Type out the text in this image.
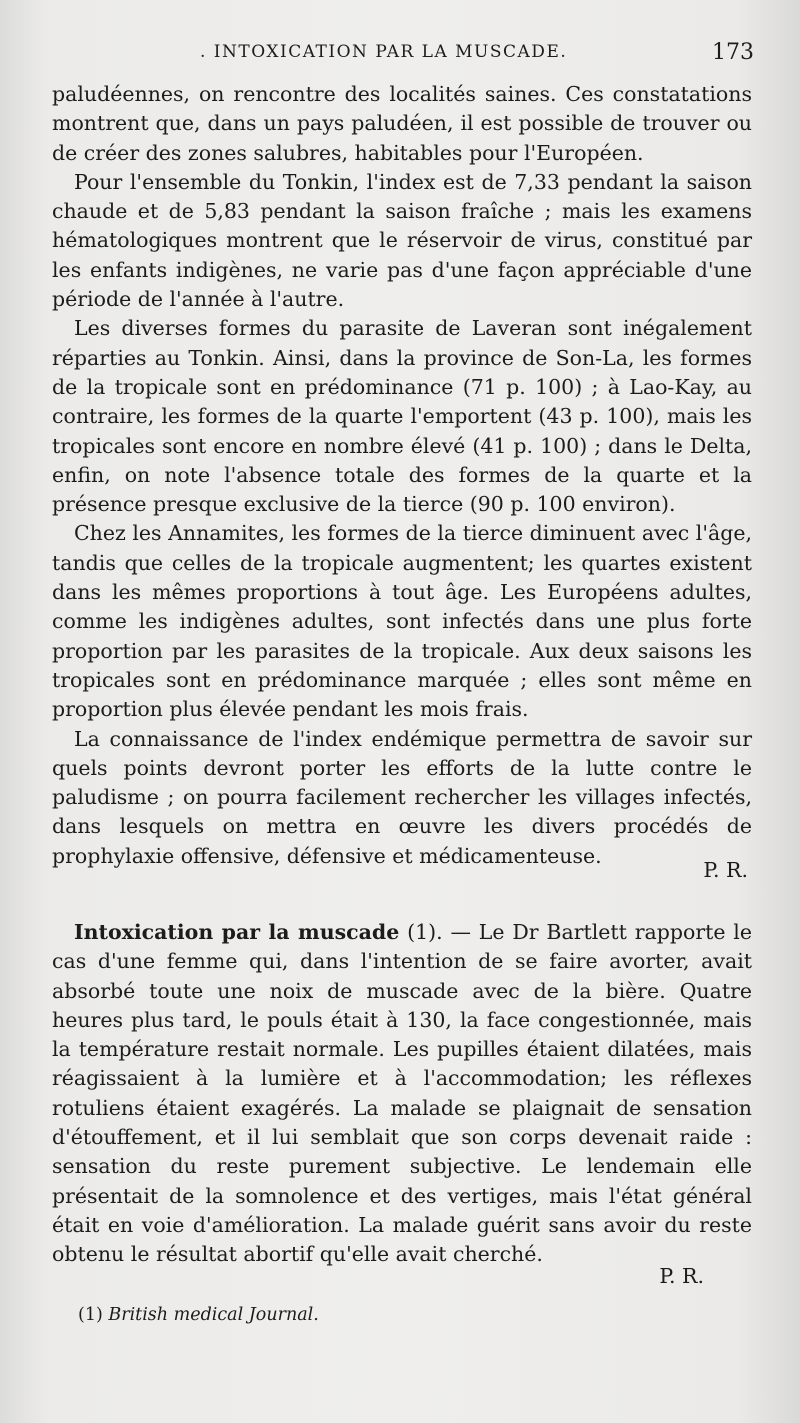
. INTOXICATION PAR LA MUSCADE.	173

paludéennes, on rencontre des localités saines. Ces constatations montrent que, dans un pays paludéen, il est possible de trouver ou de créer des zones salubres, habitables pour l'Européen.

Pour l'ensemble du Tonkin, l'index est de 7,33 pendant la saison chaude et de 5,83 pendant la saison fraîche ; mais les examens hématologiques montrent que le réservoir de virus, constitué par les enfants indigènes, ne varie pas d'une façon appréciable d'une période de l'année à l'autre.

Les diverses formes du parasite de Laveran sont inégalement réparties au Tonkin. Ainsi, dans la province de Son-La, les formes de la tropicale sont en prédominance (71 p. 100) ; à Lao-Kay, au contraire, les formes de la quarte l'emportent (43 p. 100), mais les tropicales sont encore en nombre élevé (41 p. 100) ; dans le Delta, enfin, on note l'absence totale des formes de la quarte et la présence presque exclusive de la tierce (90 p. 100 environ).

Chez les Annamites, les formes de la tierce diminuent avec l'âge, tandis que celles de la tropicale augmentent; les quartes existent dans les mêmes proportions à tout âge. Les Européens adultes, comme les indigènes adultes, sont infectés dans une plus forte proportion par les parasites de la tropicale. Aux deux saisons les tropicales sont en prédominance marquée ; elles sont même en proportion plus élevée pendant les mois frais.

La connaissance de l'index endémique permettra de savoir sur quels points devront porter les efforts de la lutte contre le paludisme ; on pourra facilement rechercher les villages infectés, dans lesquels on mettra en œuvre les divers procédés de prophylaxie offensive, défensive et médicamenteuse.

P. R.

Intoxication par la muscade (1). — Le Dr Bartlett rapporte le cas d'une femme qui, dans l'intention de se faire avorter, avait absorbé toute une noix de muscade avec de la bière. Quatre heures plus tard, le pouls était à 130, la face congestionnée, mais la température restait normale. Les pupilles étaient dilatées, mais réagissaient à la lumière et à l'accommodation; les réflexes rotuliens étaient exagérés. La malade se plaignait de sensation d'étouffement, et il lui semblait que son corps devenait raide : sensation du reste purement subjective. Le lendemain elle présentait de la somnolence et des vertiges, mais l'état général était en voie d'amélioration. La malade guérit sans avoir du reste obtenu le résultat abortif qu'elle avait cherché.

P. R.
(1) British medical Journal.
